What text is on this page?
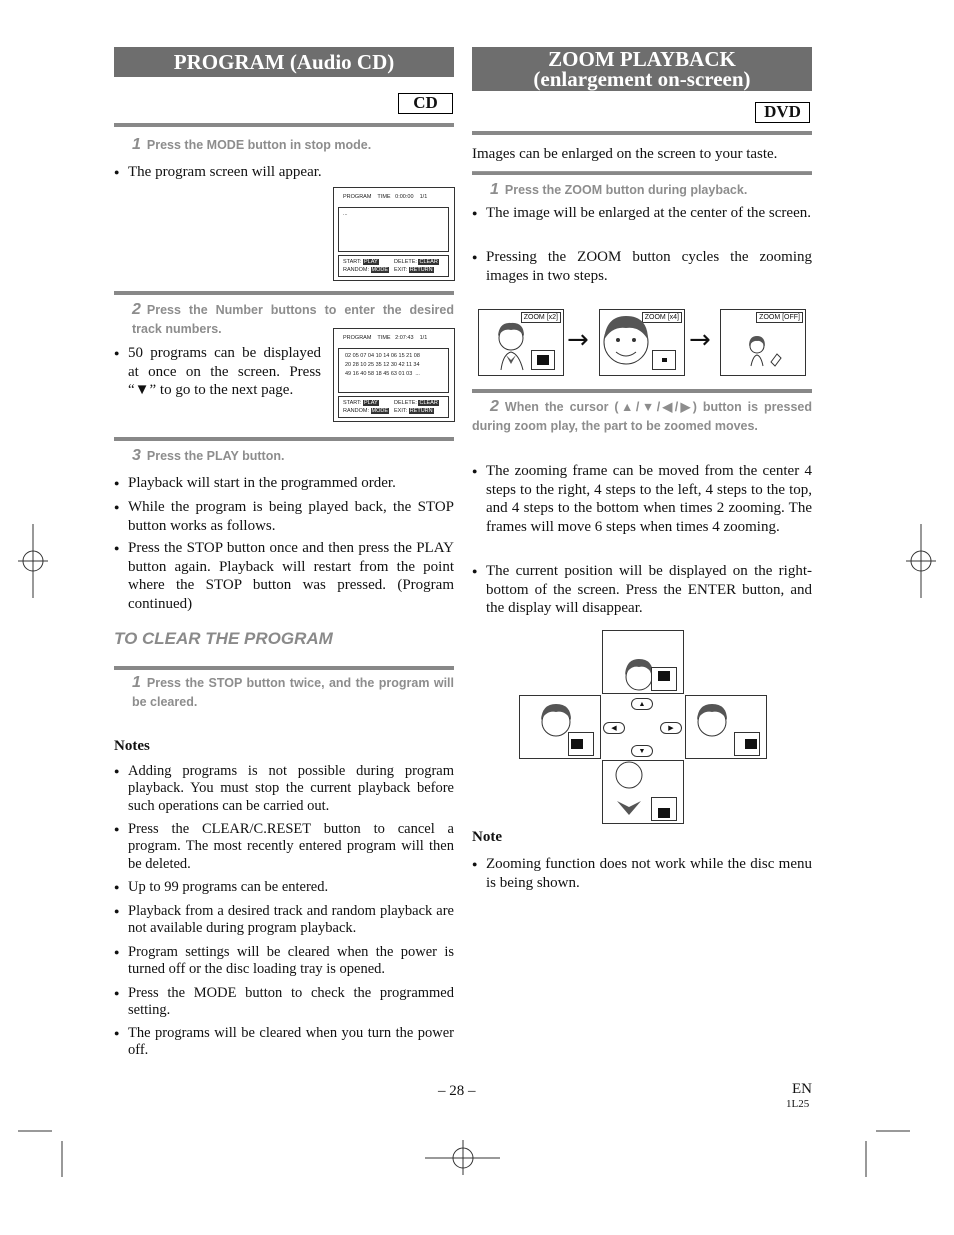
PROGRAM (Audio CD)
CD
1 Press the MODE button in stop mode.
● The program screen will appear.
PROGRAM    TIME   0:00:00    1/1
...
START: PLAY	DELETE: CLEAR
RANDOM: MODE EXIT: RETURN
2 Press the Number buttons to enter the desired track numbers.
● 50 programs can be displayed at once on the screen. Press “▼” to go to the next page.
PROGRAM    TIME   2:07:43    1/1
02 05 07 04 10 14 06 15 21 08
20 28 10 25 35 12 30 42 11 34
49 16 40 58 18 45 63 01 03  ...
START: PLAY	DELETE: CLEAR
RANDOM: MODE EXIT: RETURN
3 Press the PLAY button.
● Playback will start in the programmed order.
● While the program is being played back, the STOP button works as follows.
● Press the STOP button once and then press the PLAY button again. Playback will restart from the point where the STOP button was pressed. (Program continued)
TO CLEAR THE PROGRAM
1 Press the STOP button twice, and the program will be cleared.
Notes
● Adding programs is not possible during program playback. You must stop the current playback before such operations can be carried out.
● Press the CLEAR/C.RESET button to cancel a program. The most recently entered program will then be deleted.
● Up to 99 programs can be entered.
● Playback from a desired track and random playback are not available during program playback.
● Program settings will be cleared when the power is turned off or the disc loading tray is opened.
● Press the MODE button to check the programmed setting.
● The programs will be cleared when you turn the power off.
ZOOM PLAYBACK
(enlargement on-screen)
DVD
Images can be enlarged on the screen to your taste.
1 Press the ZOOM button during playback.
● The image will be enlarged at the center of the screen.
● Pressing the ZOOM button cycles the zooming images in two steps.
ZOOM [x2]
→
ZOOM [x4]
→
ZOOM [OFF]
2 When the cursor (▲/▼/◀/▶) button is pressed during zoom play, the part to be zoomed moves.
● The zooming frame can be moved from the center 4 steps to the right, 4 steps to the left, 4 steps to the top, and 4 steps to the bottom when times 2 zooming. The frames will move 6 steps when times 4 zooming.
● The current position will be displayed on the right-bottom of the screen. Press the ENTER button, and the display will disappear.
▲
◀	▶
▼
Note
● Zooming function does not work while the disc menu is being shown.
– 28 –	EN
1L25
